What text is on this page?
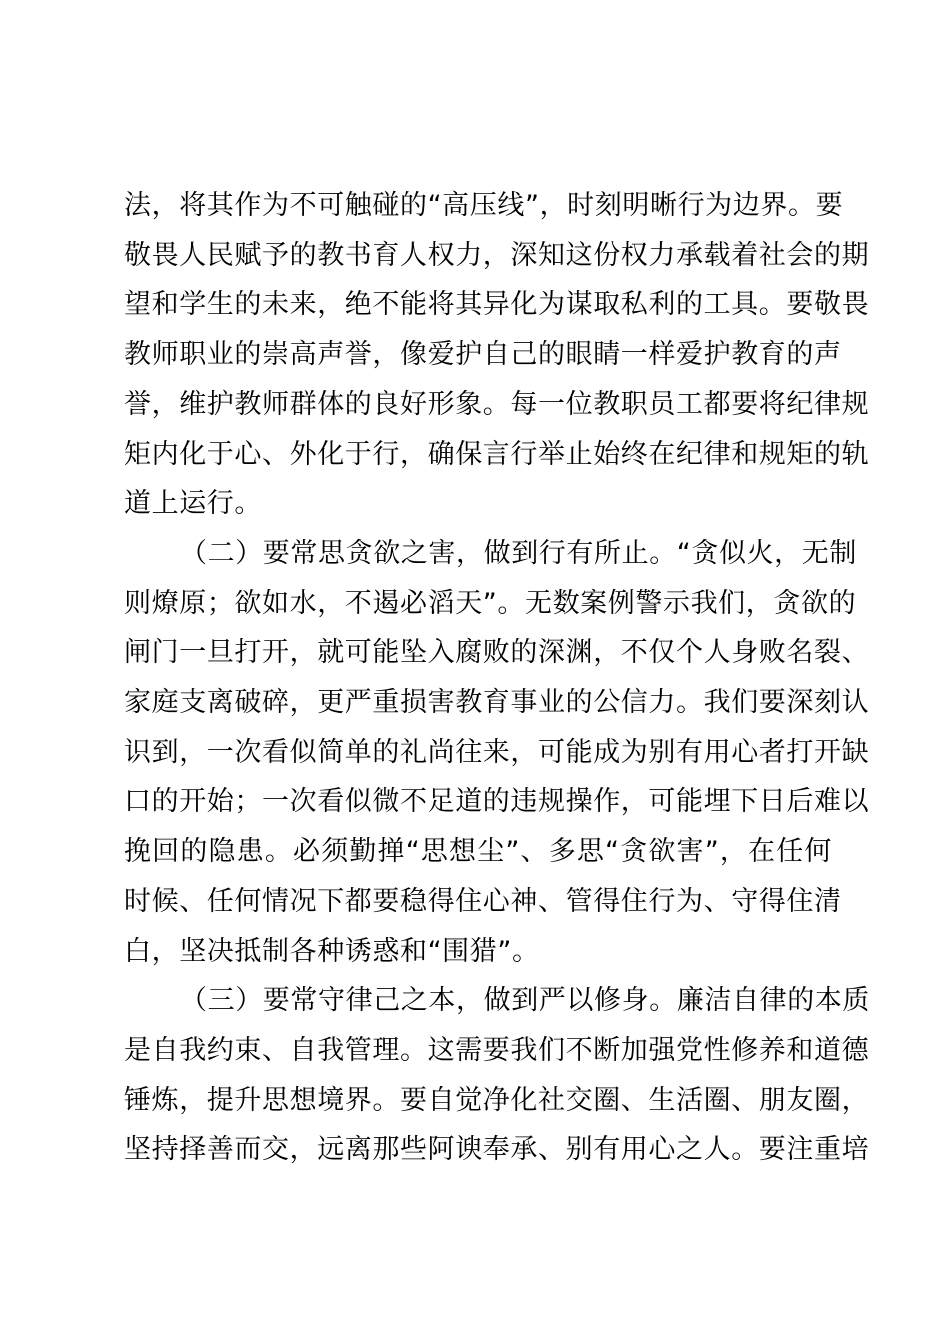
法，将其作为不可触碰的“高压线”，时刻明晰行为边界。要
敬畏人民赋予的教书育人权力，深知这份权力承载着社会的期
望和学生的未来，绝不能将其异化为谋取私利的工具。要敬畏
教师职业的崇高声誉，像爱护自己的眼睛一样爱护教育的声
誉，维护教师群体的良好形象。每一位教职员工都要将纪律规
矩内化于心、外化于行，确保言行举止始终在纪律和规矩的轨
道上运行。

（二）要常思贪欲之害，做到行有所止。“贪似火，无制
则燎原；欲如水，不遏必滔天”。无数案例警示我们，贪欲的
闸门一旦打开，就可能坠入腐败的深渊，不仅个人身败名裂、
家庭支离破碎，更严重损害教育事业的公信力。我们要深刻认
识到，一次看似简单的礼尚往来，可能成为别有用心者打开缺
口的开始；一次看似微不足道的违规操作，可能埋下日后难以
挽回的隐患。必须勤掸“思想尘”、多思“贪欲害”，在任何
时候、任何情况下都要稳得住心神、管得住行为、守得住清
白，坚决抵制各种诱惑和“围猎”。

（三）要常守律己之本，做到严以修身。廉洁自律的本质
是自我约束、自我管理。这需要我们不断加强党性修养和道德
锤炼，提升思想境界。要自觉净化社交圈、生活圈、朋友圈，
坚持择善而交，远离那些阿谀奉承、别有用心之人。要注重培
